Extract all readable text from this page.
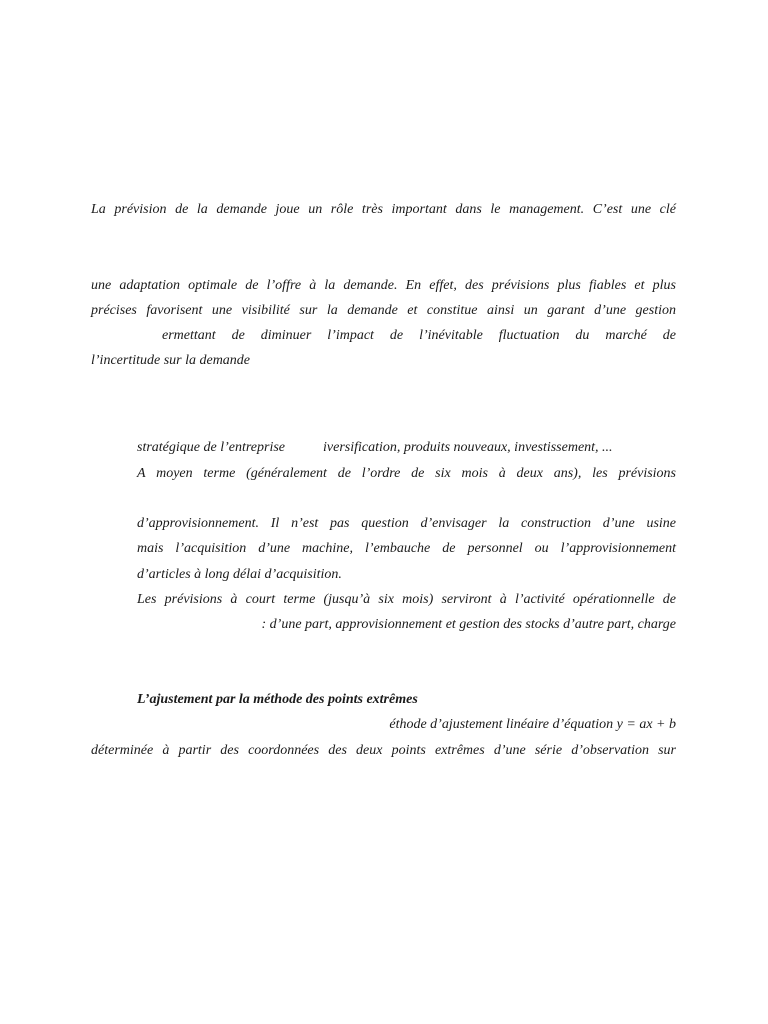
La prévision de la demande joue un rôle très important dans le management. C’est une clé
une adaptation optimale de l’offre à la demande. En effet, des prévisions plus fiables et plus
précises favorisent une visibilité sur la demande et constitue ainsi un garant d’une gestion
ermettant de diminuer l’impact de l’inévitable fluctuation du marché de
l’incertitude sur la demande
stratégique de l’entreprise	iversification, produits nouveaux, investissement, ...
A moyen terme (généralement de l’ordre de six mois à deux ans), les prévisions
d’approvisionnement. Il n’est pas question d’envisager la construction d’une usine
mais l’acquisition d’une machine, l’embauche de personnel ou l’approvisionnement
d’articles à long délai d’acquisition.
Les prévisions à court terme (jusqu’à six mois) serviront à l’activité opérationnelle de
: d’une part, approvisionnement et gestion des stocks d’autre part, charge
L’ajustement par la méthode des points extrêmes
éthode d’ajustement linéaire d’équation y = ax + b
déterminée à partir des coordonnées des deux points extrêmes d’une série d’observation sur
